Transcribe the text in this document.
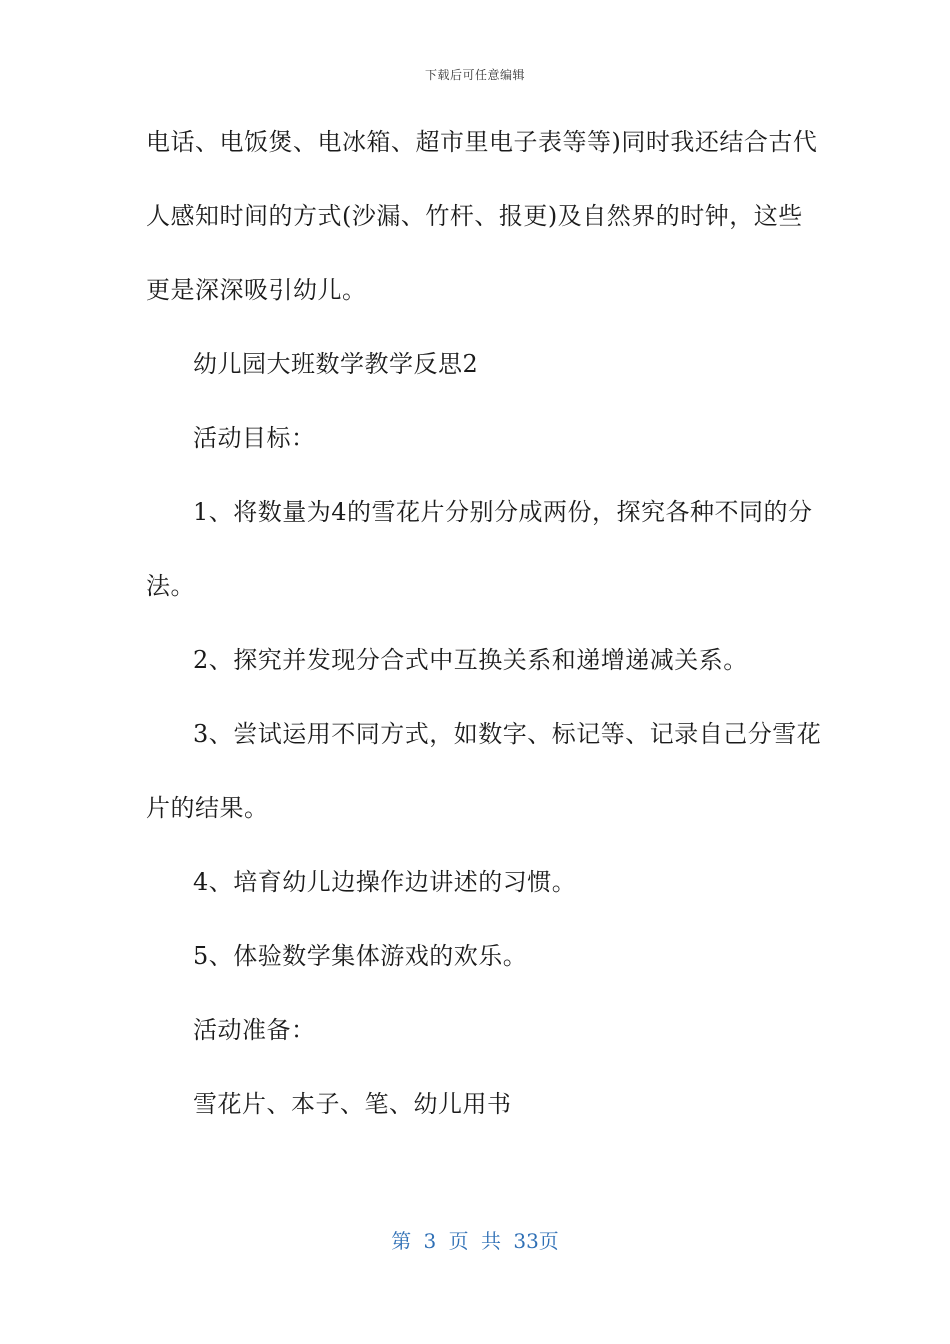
下载后可任意编辑
电话、电饭煲、电冰箱、超市里电子表等等)同时我还结合古代
人感知时间的方式(沙漏、竹杆、报更)及自然界的时钟，这些
更是深深吸引幼儿。
幼儿园大班数学教学反思2
活动目标：
1、将数量为4的雪花片分别分成两份，探究各种不同的分
法。
2、探究并发现分合式中互换关系和递增递减关系。
3、尝试运用不同方式，如数字、标记等、记录自己分雪花
片的结果。
4、培育幼儿边操作边讲述的习惯。
5、体验数学集体游戏的欢乐。
活动准备：
雪花片、本子、笔、幼儿用书
第 3 页 共 33页
